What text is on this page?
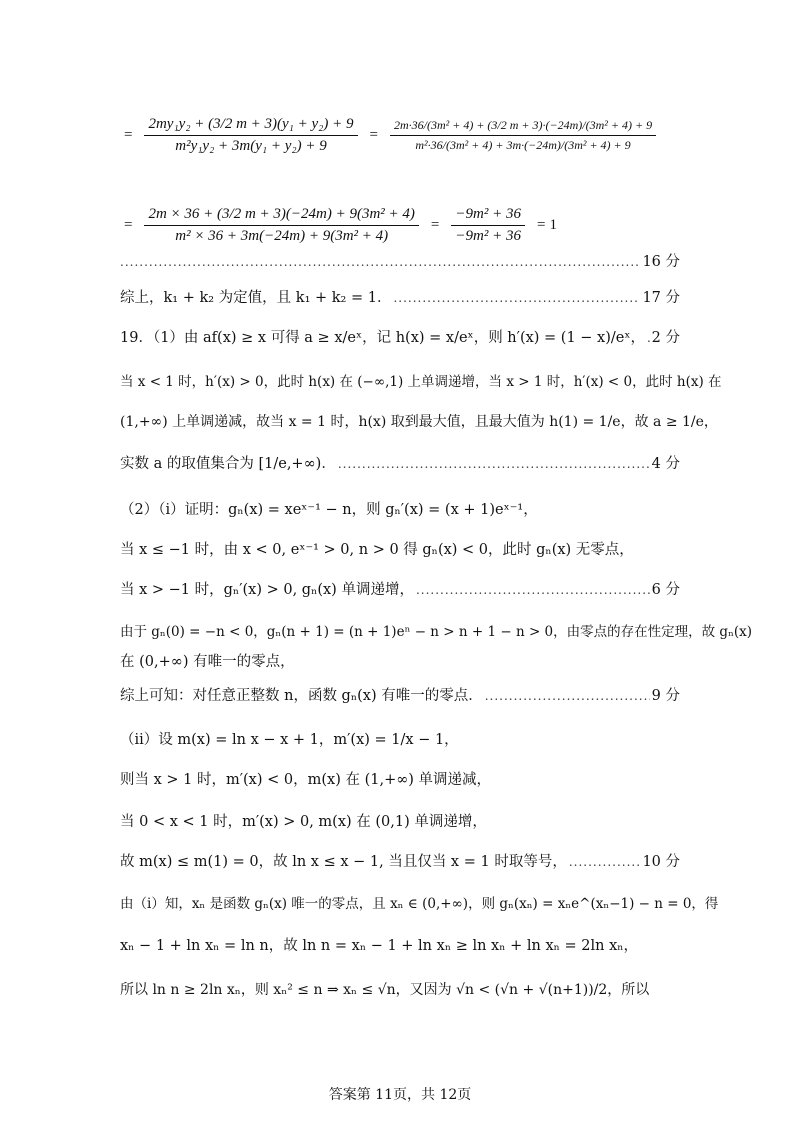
= $\frac{\text{2my₁y₂ + (3/2 m + 3)(y₁ + y₂) + 9}}{\text{m²y₁y₂ + 3m(y₁ + y₂) + 9}} = \frac{\text{2m·36/(3m² + 4) + (3/2 m + 3)·(−24m)/(3m² + 4) + 9}}{\text{m²·36/(3m² + 4) + 3m·(−24m)/(3m² + 4) + 9}}$
= $\frac{\text{2m × 36 + (3/2 m + 3)(−24m) + 9(3m² + 4)}}{\text{m² × 36 + 3m(−24m) + 9(3m² + 4)}} = \frac{\text{−9m² + 36}}{\text{−9m² + 36}} = 1$
.....
16 分
综上，k₁ + k₂ 为定值，且 k₁ + k₂ = 1． .....	17 分
19．（1）由 af(x) ≥ x 可得 a ≥ x/eˣ，记 h(x) = x/eˣ，则 h′(x) = (1 − x)/eˣ， ..... 2 分
当 x < 1 时，h′(x) > 0，此时 h(x) 在 (−∞,1) 上单调递增，当 x > 1 时，h′(x) < 0，此时 h(x) 在
(1,+∞) 上单调递减，故当 x = 1 时，h(x) 取到最大值，且最大值为 h(1) = 1/e，故 a ≥ 1/e，
实数 a 的取值集合为 [1/e,+∞)． .....	4 分
（2）（i）证明：gₙ(x) = xeˣ⁻¹ − n，则 gₙ′(x) = (x + 1)eˣ⁻¹，
当 x ≤ −1 时，由 x < 0, eˣ⁻¹ > 0, n > 0 得 gₙ(x) < 0，此时 gₙ(x) 无零点，
当 x > −1 时，gₙ′(x) > 0, gₙ(x) 单调递增， .....	6 分
由于 gₙ(0) = −n < 0，gₙ(n + 1) = (n + 1)eⁿ − n > n + 1 − n > 0，由零点的存在性定理，故 gₙ(x)
在 (0,+∞) 有唯一的零点，
综上可知：对任意正整数 n，函数 gₙ(x) 有唯一的零点． .....	9 分
（ii）设 m(x) = ln x − x + 1，m′(x) = 1/x − 1，
则当 x > 1 时，m′(x) < 0，m(x) 在 (1,+∞) 单调递减，
当 0 < x < 1 时，m′(x) > 0, m(x) 在 (0,1) 单调递增，
故 m(x) ≤ m(1) = 0，故 ln x ≤ x − 1, 当且仅当 x = 1 时取等号， .....	10 分
由（i）知，xₙ 是函数 gₙ(x) 唯一的零点，且 xₙ ∈ (0,+∞)，则 gₙ(xₙ) = xₙe^(xₙ−1) − n = 0，得
xₙ − 1 + ln xₙ = ln n，故 ln n = xₙ − 1 + ln xₙ ≥ ln xₙ + ln xₙ = 2ln xₙ，
所以 ln n ≥ 2ln xₙ，则 xₙ² ≤ n ⇒ xₙ ≤ √n，又因为 √n < (√n + √(n+1))/2，所以
答案第 11页，共 12页
